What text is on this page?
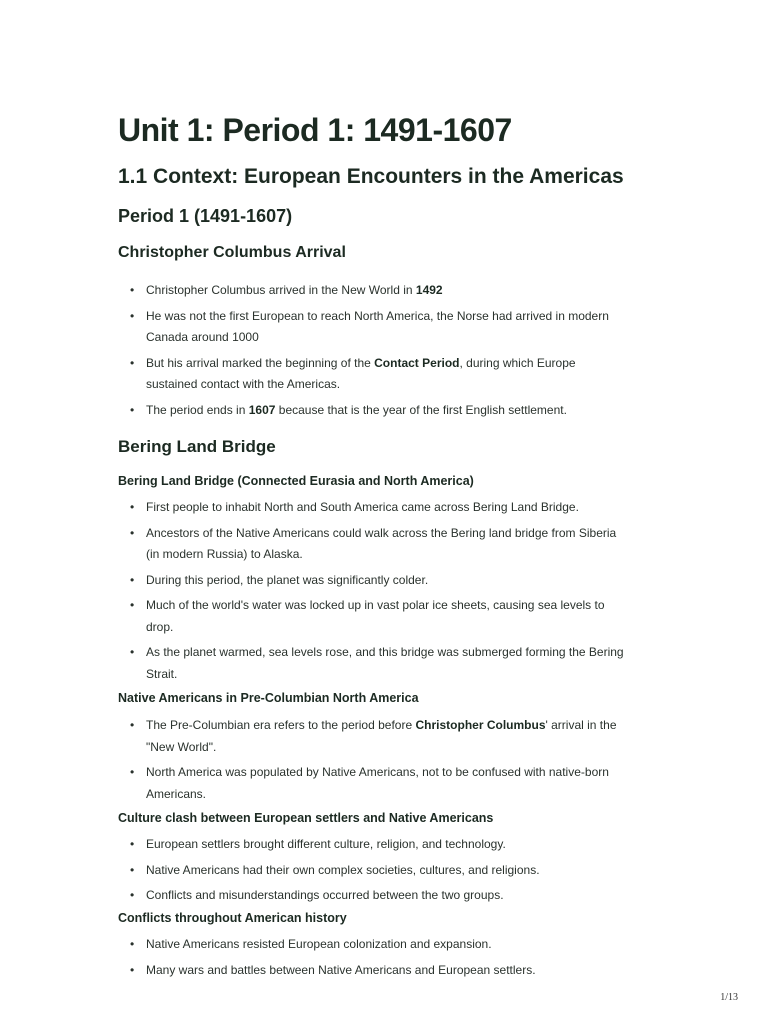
Unit 1: Period 1: 1491-1607
1.1 Context: European Encounters in the Americas
Period 1 (1491-1607)
Christopher Columbus Arrival
• Christopher Columbus arrived in the New World in 1492
• He was not the first European to reach North America, the Norse had arrived in modern Canada around 1000
• But his arrival marked the beginning of the Contact Period, during which Europe sustained contact with the Americas.
• The period ends in 1607 because that is the year of the first English settlement.
Bering Land Bridge
Bering Land Bridge (Connected Eurasia and North America)
• First people to inhabit North and South America came across Bering Land Bridge.
• Ancestors of the Native Americans could walk across the Bering land bridge from Siberia (in modern Russia) to Alaska.
• During this period, the planet was significantly colder.
• Much of the world's water was locked up in vast polar ice sheets, causing sea levels to drop.
• As the planet warmed, sea levels rose, and this bridge was submerged forming the Bering Strait.
Native Americans in Pre-Columbian North America
• The Pre-Columbian era refers to the period before Christopher Columbus' arrival in the "New World".
• North America was populated by Native Americans, not to be confused with native-born Americans.
Culture clash between European settlers and Native Americans
• European settlers brought different culture, religion, and technology.
• Native Americans had their own complex societies, cultures, and religions.
• Conflicts and misunderstandings occurred between the two groups.
Conflicts throughout American history
• Native Americans resisted European colonization and expansion.
• Many wars and battles between Native Americans and European settlers.
1/13
